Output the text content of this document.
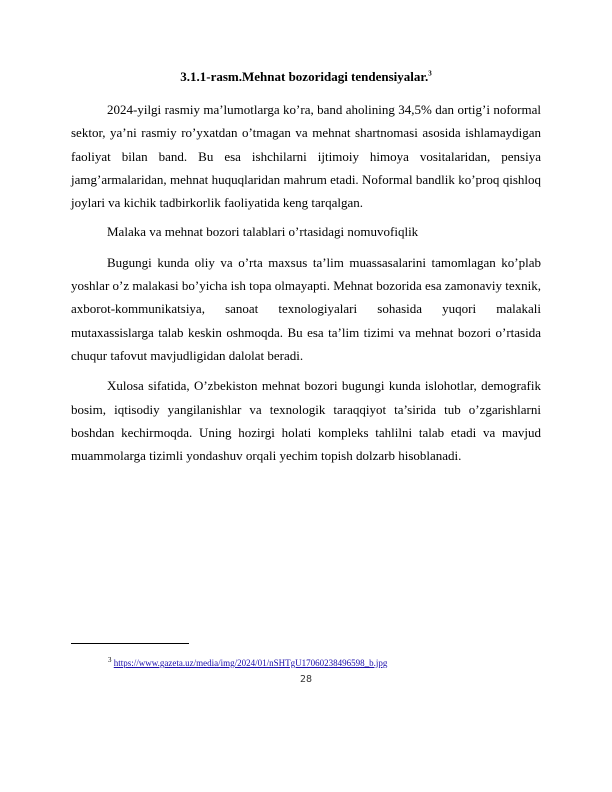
3.1.1-rasm.Mehnat bozoridagi tendensiyalar.$^3$

2024-yilgi rasmiy ma’lumotlarga ko’ra, band aholining 34,5% dan ortig’i noformal sektor, ya’ni rasmiy ro’yxatdan o’tmagan va mehnat shartnomasi asosida ishlamaydigan faoliyat bilan band. Bu esa ishchilarni ijtimoiy himoya vositalaridan, pensiya jamg’armalaridan, mehnat huquqlaridan mahrum etadi. Noformal bandlik ko’proq qishloq joylari va kichik tadbirkorlik faoliyatida keng tarqalgan.

Malaka va mehnat bozori talablari o’rtasidagi nomuvofiqlik

Bugungi kunda oliy va o’rta maxsus ta’lim muassasalarini tamomlagan ko’plab yoshlar o’z malakasi bo’yicha ish topa olmayapti. Mehnat bozorida esa zamonaviy texnik, axborot-kommunikatsiya, sanoat texnologiyalari sohasida yuqori malakali mutaxassislarga talab keskin oshmoqda. Bu esa ta’lim tizimi va mehnat bozori o’rtasida chuqur tafovut mavjudligidan dalolat beradi.

Xulosa sifatida, O’zbekiston mehnat bozori bugungi kunda islohotlar, demografik bosim, iqtisodiy yangilanishlar va texnologik taraqqiyot ta’sirida tub o’zgarishlarni boshdan kechirmoqda. Uning hozirgi holati kompleks tahlilni talab etadi va mavjud muammolarga tizimli yondashuv orqali yechim topish dolzarb hisoblanadi.

$^3$ https://www.gazeta.uz/media/img/2024/01/nSHTgU17060238496598_b.jpg
28
